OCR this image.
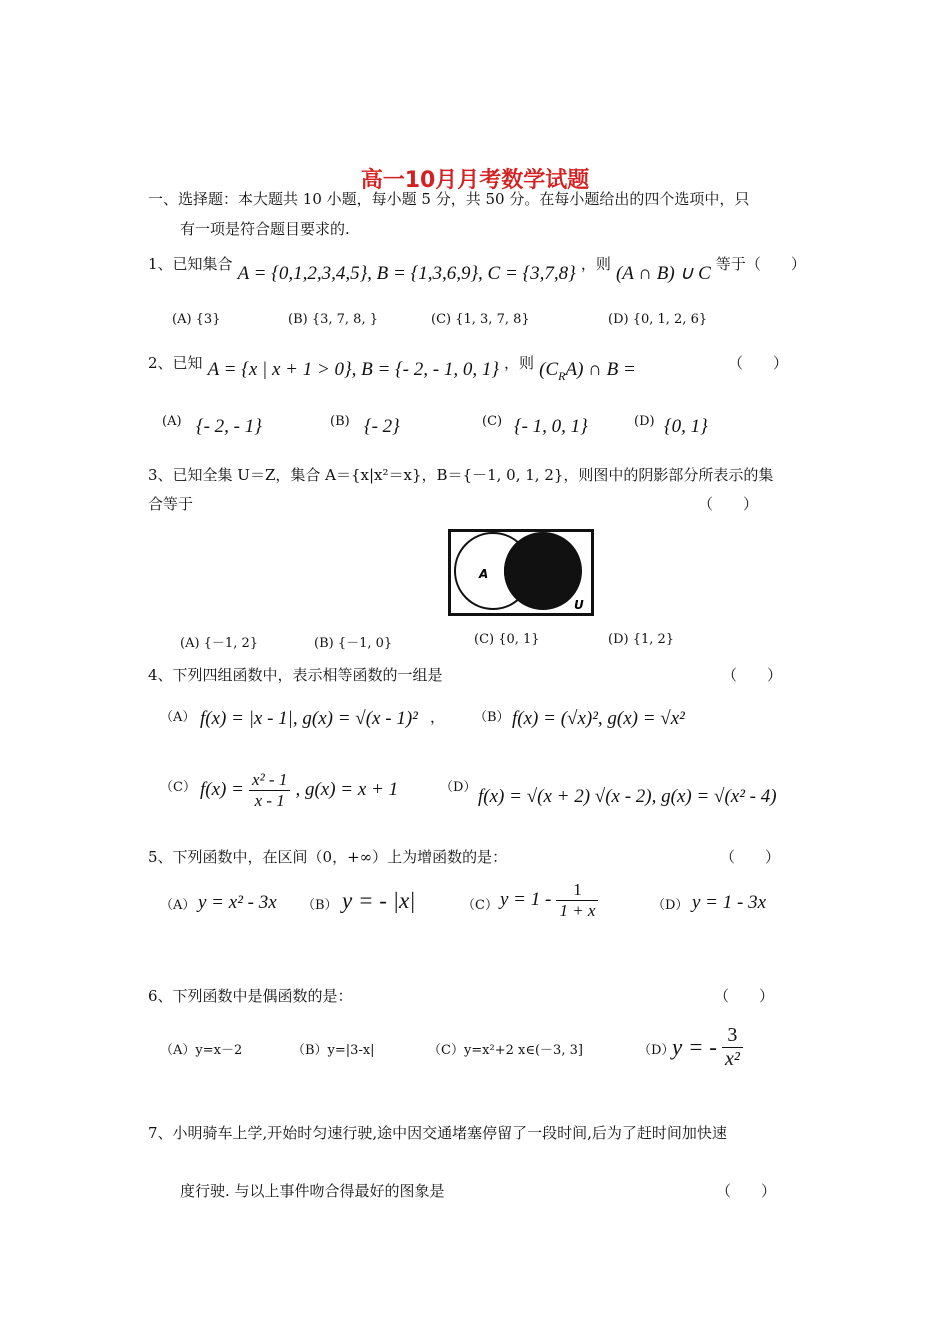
高一10月月考数学试题
一、选择题：本大题共 10 小题，每小题 5 分，共 50 分。在每小题给出的四个选项中，只
有一项是符合题目要求的.
1、已知集合 A = {0,1,2,3,4,5}, B = {1,3,6,9}, C = {3,7,8} ，则 (A ∩ B) ∪ C 等于（　　）
(A) {3}	(B) {3, 7, 8, }	(C) {1, 3, 7, 8}	(D) {0, 1, 2, 6}
2、已知 A = {x | x + 1 > 0}, B = {- 2, - 1, 0, 1} ，则 $(C_RA)$ ∩ B =	（　　）
(A) {- 2, - 1}	(B) {- 2}	(C) {- 1, 0, 1}	(D) {0, 1}
3、已知全集 U＝Z，集合 A＝{x|x²＝x}，B＝{－1, 0, 1, 2}，则图中的阴影部分所表示的集
合等于	（　　）
A
U
(A) {－1, 2}	(B) {－1, 0}	(C) {0, 1}	(D) {1, 2}
4、下列四组函数中，表示相等函数的一组是	（　　）
（A） f(x) = |x - 1|, g(x) = √(x - 1)² ， （B） f(x) = (√x)², g(x) = √x²
（C） $f(x) = \frac{\text{x² - 1}}{x - 1}$ , g(x) = x + 1	（D） f(x) = √(x + 2) √(x - 2), g(x) = √(x² - 4)
5、下列函数中，在区间（0，+∞）上为增函数的是：	（　　）
（A） y = x² - 3x （B） y = - |x|	（C） $y = 1 - \frac{1}{1 + x}$	（D） y = 1 - 3x
6、下列函数中是偶函数的是：	（　　）
（A）y=x－2	（B）y=|3-x|	（C）y=x²+2 x∈(－3, 3]	（D）
y = - $\frac{3}{\text{x²}}$
7、小明骑车上学,开始时匀速行驶,途中因交通堵塞停留了一段时间,后为了赶时间加快速
度行驶. 与以上事件吻合得最好的图象是	（　　）
